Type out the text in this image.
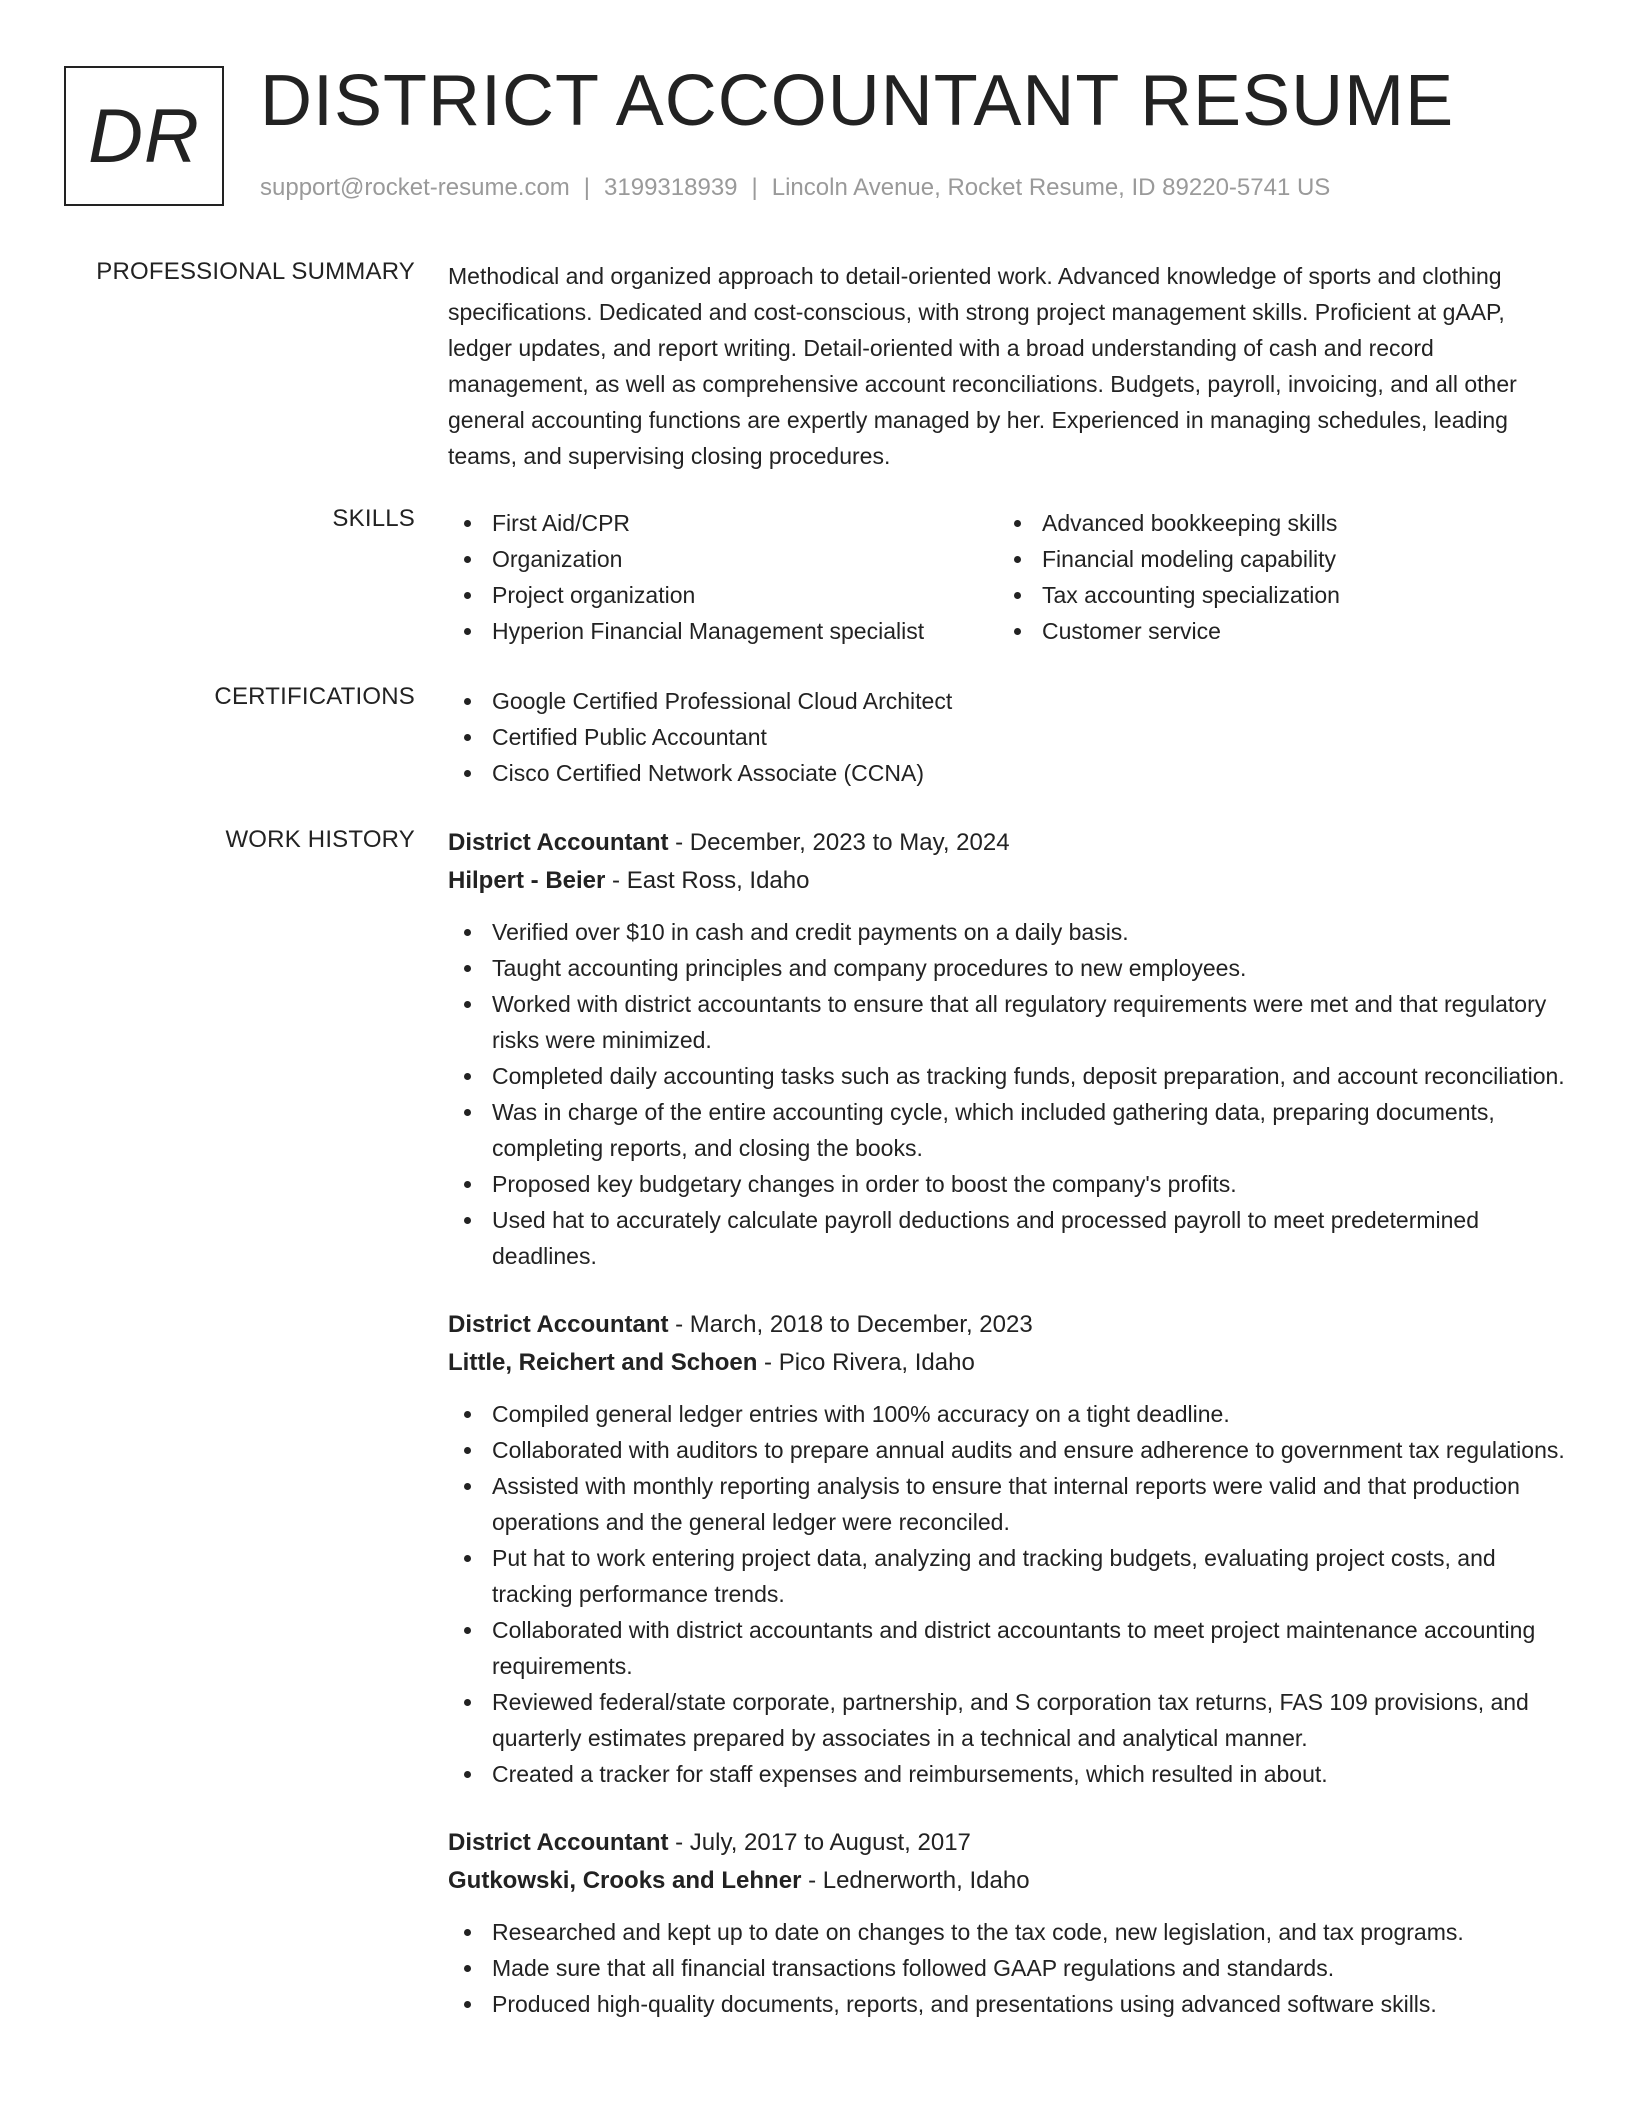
DR DISTRICT ACCOUNTANT RESUME
support@rocket-resume.com | 3199318939 | Lincoln Avenue, Rocket Resume, ID 89220-5741 US
PROFESSIONAL SUMMARY Methodical and organized approach to detail-oriented work. Advanced knowledge of sports and clothing specifications. Dedicated and cost-conscious, with strong project management skills. Proficient at gAAP, ledger updates, and report writing. Detail-oriented with a broad understanding of cash and record management, as well as comprehensive account reconciliations. Budgets, payroll, invoicing, and all other general accounting functions are expertly managed by her. Experienced in managing schedules, leading teams, and supervising closing procedures.

SKILLS	First Aid/CPR
Organization
Project organization
Hyperion Financial Management specialist
Advanced bookkeeping skills
Financial modeling capability
Tax accounting specialization
Customer service
CERTIFICATIONS	Google Certified Professional Cloud Architect
Certified Public Accountant
Cisco Certified Network Associate (CCNA)
WORK HISTORY District Accountant - December, 2023 to May, 2024
Hilpert - Beier - East Ross, Idaho
Verified over $10 in cash and credit payments on a daily basis.
Taught accounting principles and company procedures to new employees.
Worked with district accountants to ensure that all regulatory requirements were met and that regulatory risks were minimized.
Completed daily accounting tasks such as tracking funds, deposit preparation, and account reconciliation.
Was in charge of the entire accounting cycle, which included gathering data, preparing documents, completing reports, and closing the books.
Proposed key budgetary changes in order to boost the company's profits.
Used hat to accurately calculate payroll deductions and processed payroll to meet predetermined deadlines.
District Accountant - March, 2018 to December, 2023
Little, Reichert and Schoen - Pico Rivera, Idaho
Compiled general ledger entries with 100% accuracy on a tight deadline.
Collaborated with auditors to prepare annual audits and ensure adherence to government tax regulations.
Assisted with monthly reporting analysis to ensure that internal reports were valid and that production operations and the general ledger were reconciled.
Put hat to work entering project data, analyzing and tracking budgets, evaluating project costs, and tracking performance trends.
Collaborated with district accountants and district accountants to meet project maintenance accounting requirements.
Reviewed federal/state corporate, partnership, and S corporation tax returns, FAS 109 provisions, and quarterly estimates prepared by associates in a technical and analytical manner.
Created a tracker for staff expenses and reimbursements, which resulted in about.
District Accountant - July, 2017 to August, 2017
Gutkowski, Crooks and Lehner - Lednerworth, Idaho
Researched and kept up to date on changes to the tax code, new legislation, and tax programs.
Made sure that all financial transactions followed GAAP regulations and standards.
Produced high-quality documents, reports, and presentations using advanced software skills.
